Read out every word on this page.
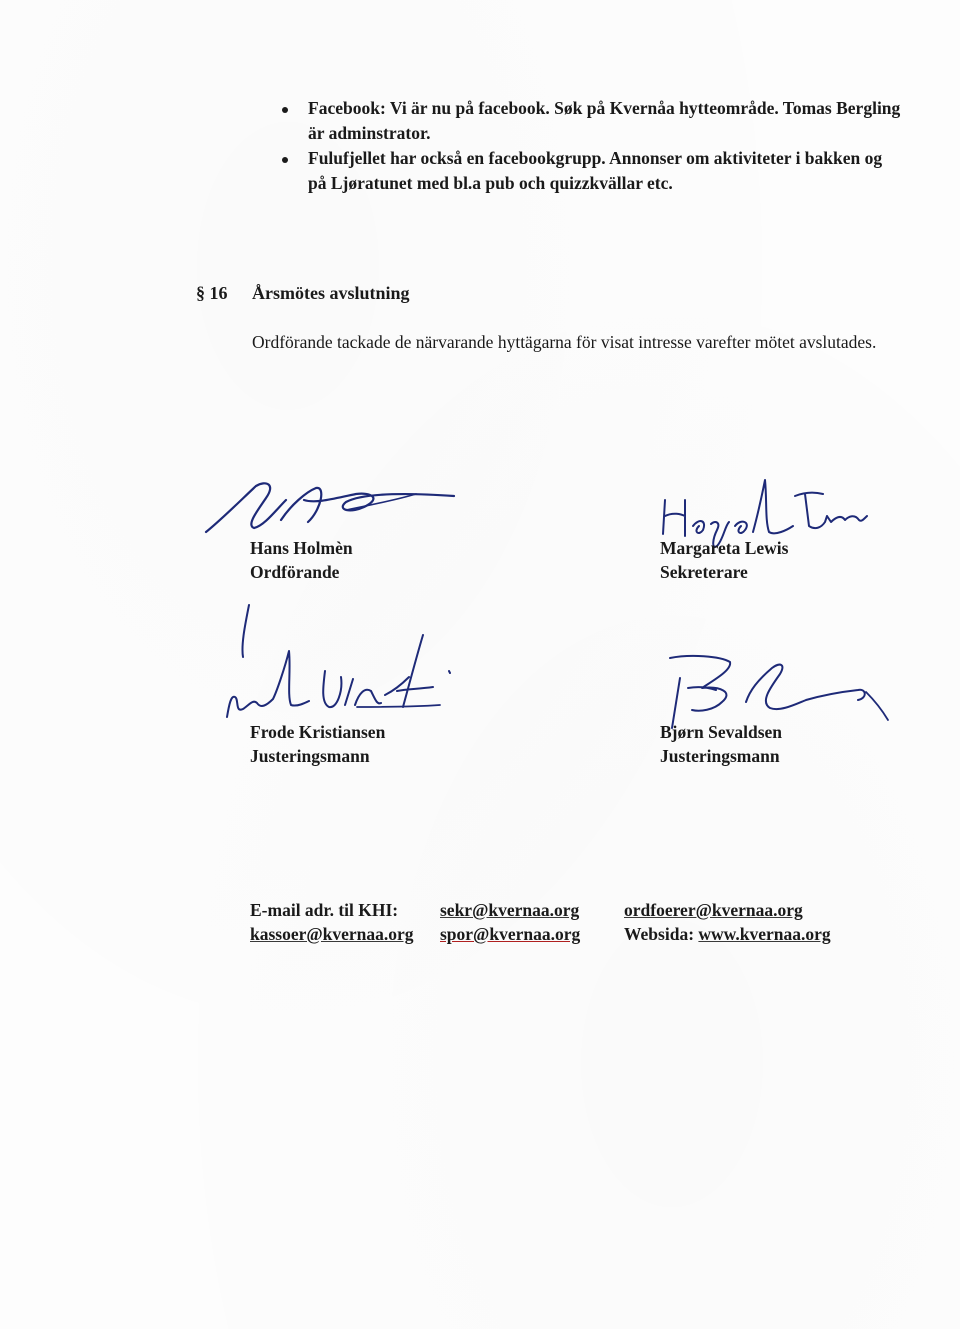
Facebook: Vi är nu på facebook. Søk på Kvernåa hytteområde. Tomas Bergling är adminstrator.
Fulufjellet har också en facebookgrupp. Annonser om aktiviteter i bakken og på Ljøratunet med bl.a pub och quizzkvällar etc.
§ 16 Årsmötes avslutning
Ordförande tackade de närvarande hyttägarna för visat intresse varefter mötet avslutades.
Hans Holmèn
Ordförande
Margareta Lewis
Sekreterare
Frode Kristiansen
Justeringsmann
Bjørn Sevaldsen
Justeringsmann
E-mail adr. til KHI: sekr@kvernaa.org	ordfoerer@kvernaa.org
kassoer@kvernaa.org spor@kvernaa.org	Websida: www.kvernaa.org
